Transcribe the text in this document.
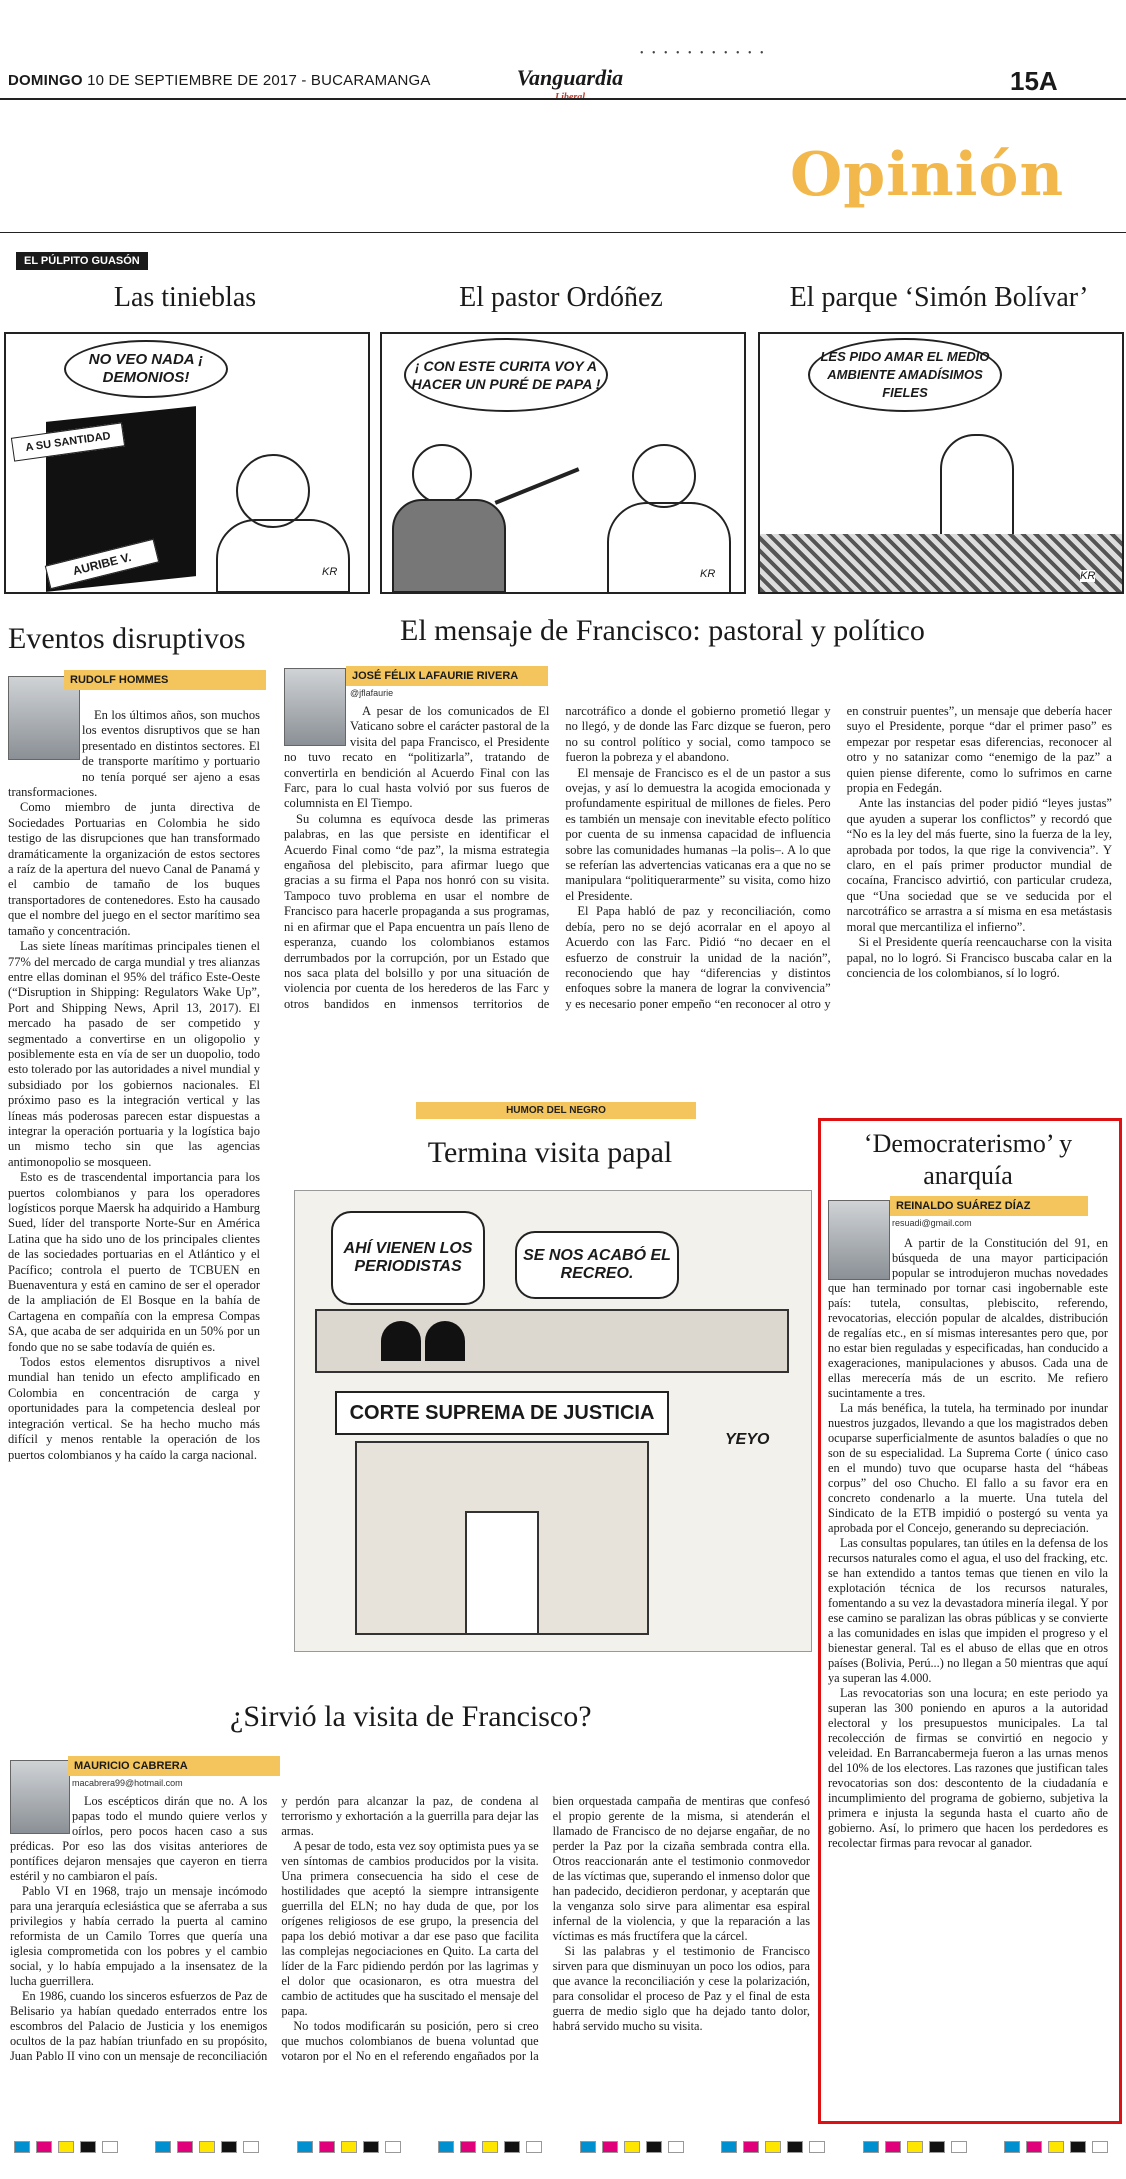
• • • • • • • • • • •
DOMINGO 10 DE SEPTIEMBRE DE 2017 - BUCARAMANGA	Vanguardia	15A
Opinión
EL PÚLPITO GUASÓN
Las tinieblas
NO VEO NADA ¡ DEMONIOS!
A SU SANTIDAD
AURIBE V.	KR
El pastor Ordóñez
¡ CON ESTE CURITA VOY A HACER UN PURÉ DE PAPA !
KR
El parque ‘Simón Bolívar’
LES PIDO AMAR EL MEDIO AMBIENTE AMADÍSIMOS FIELES
KR
Eventos disruptivos
RUDOLF HOMMES

En los últimos años, son muchos los eventos disruptivos que se han presentado en distintos sectores. El de transporte marítimo y portuario no tenía porqué ser ajeno a esas transformaciones.

Como miembro de junta directiva de Sociedades Portuarias en Colombia he sido testigo de las disrupciones que han transformado dramáticamente la organización de estos sectores a raíz de la apertura del nuevo Canal de Panamá y el cambio de tamaño de los buques transportadores de contenedores. Esto ha causado que el nombre del juego en el sector marítimo sea tamaño y concentración.

Las siete líneas marítimas principales tienen el 77% del mercado de carga mundial y tres alianzas entre ellas dominan el 95% del tráfico Este-Oeste (“Disruption in Shipping: Regulators Wake Up”, Port and Shipping News, April 13, 2017). El mercado ha pasado de ser competido y segmentado a convertirse en un oligopolio y posiblemente esta en vía de ser un duopolio, todo esto tolerado por las autoridades a nivel mundial y subsidiado por los gobiernos nacionales. El próximo paso es la integración vertical y las líneas más poderosas parecen estar dispuestas a integrar la operación portuaria y la logística bajo un mismo techo sin que las agencias antimonopolio se mosqueen.

Esto es de trascendental importancia para los puertos colombianos y para los operadores logísticos porque Maersk ha adquirido a Hamburg Sued, líder del transporte Norte-Sur en América Latina que ha sido uno de los principales clientes de las sociedades portuarias en el Atlántico y el Pacífico; controla el puerto de TCBUEN en Buenaventura y está en camino de ser el operador de la ampliación de El Bosque en la bahía de Cartagena en compañía con la empresa Compas SA, que acaba de ser adquirida en un 50% por un fondo que no se sabe todavía de quién es.

Todos estos elementos disruptivos a nivel mundial han tenido un efecto amplificado en Colombia en concentración de carga y oportunidades para la competencia desleal por integración vertical. Se ha hecho mucho más difícil y menos rentable la operación de los puertos colombianos y ha caído la carga nacional.

El mensaje de Francisco: pastoral y político
JOSÉ FÉLIX LAFAURIE RIVERA
@jflafaurie

A pesar de los comunicados de El Vaticano sobre el carácter pastoral de la visita del papa Francisco, el Presidente no tuvo recato en “politizarla”, tratando de convertirla en bendición al Acuerdo Final con las Farc, para lo cual hasta volvió por sus fueros de columnista en El Tiempo.

Su columna es equívoca desde las primeras palabras, en las que persiste en identificar el Acuerdo Final como “de paz”, la misma estrategia engañosa del plebiscito, para afirmar luego que gracias a su firma el Papa nos honró con su visita. Tampoco tuvo problema en usar el nombre de Francisco para hacerle propaganda a sus programas, ni en afirmar que el Papa encuentra un país lleno de esperanza, cuando los colombianos estamos derrumbados por la corrupción, por un Estado que nos saca plata del bolsillo y por una situación de violencia por cuenta de los herederos de las Farc y otros bandidos en inmensos territorios de narcotráfico a donde el gobierno prometió llegar y no llegó, y de donde las Farc dizque se fueron, pero no su control político y social, como tampoco se fueron la pobreza y el abandono.

El mensaje de Francisco es el de un pastor a sus ovejas, y así lo demuestra la acogida emocionada y profundamente espiritual de millones de fieles. Pero es también un mensaje con inevitable efecto político por cuenta de su inmensa capacidad de influencia sobre las comunidades humanas –la polis–. A lo que se referían las advertencias vaticanas era a que no se manipulara “politiquerarmente” su visita, como hizo el Presidente.

El Papa habló de paz y reconciliación, como debía, pero no se dejó acorralar en el apoyo al Acuerdo con las Farc. Pidió “no decaer en el esfuerzo de construir la unidad de la nación”, reconociendo que hay “diferencias y distintos enfoques sobre la manera de lograr la convivencia” y es necesario poner empeño “en reconocer al otro y en construir puentes”, un mensaje que debería hacer suyo el Presidente, porque “dar el primer paso” es empezar por respetar esas diferencias, reconocer al otro y no satanizar como “enemigo de la paz” a quien piense diferente, como lo sufrimos en carne propia en Fedegán.

Ante las instancias del poder pidió “leyes justas” que ayuden a superar los conflictos” y recordó que “No es la ley del más fuerte, sino la fuerza de la ley, aprobada por todos, la que rige la convivencia”. Y claro, en el país primer productor mundial de cocaína, Francisco advirtió, con particular crudeza, que “Una sociedad que se ve seducida por el narcotráfico se arrastra a sí misma en esa metástasis moral que mercantiliza el infierno”.

Si el Presidente quería reencaucharse con la visita papal, no lo logró. Si Francisco buscaba calar en la conciencia de los colombianos, sí lo logró.

HUMOR DEL NEGRO
Termina visita papal
AHÍ VIENEN LOS PERIODISTAS
SE NOS ACABÓ EL RECREO.
CORTE SUPREMA DE JUSTICIA
YEYO
‘Democraterismo’ y anarquía
REINALDO SUÁREZ DÍAZ
resuadi@gmail.com

A partir de la Constitución del 91, en búsqueda de una mayor participación popular se introdujeron muchas novedades que han terminado por tornar casi ingobernable este país: tutela, consultas, plebiscito, referendo, revocatorias, elección popular de alcaldes, distribución de regalías etc., en sí mismas interesantes pero que, por no estar bien reguladas y especificadas, han conducido a exageraciones, manipulaciones y abusos. Cada una de ellas merecería más de un escrito. Me refiero sucintamente a tres.

La más benéfica, la tutela, ha terminado por inundar nuestros juzgados, llevando a que los magistrados deben ocuparse superficialmente de asuntos baladíes o que no son de su especialidad. La Suprema Corte ( único caso en el mundo) tuvo que ocuparse hasta del “hábeas corpus” del oso Chucho. El fallo a su favor era en concreto condenarlo a la muerte. Una tutela del Sindicato de la ETB impidió o postergó su venta ya aprobada por el Concejo, generando su depreciación.

Las consultas populares, tan útiles en la defensa de los recursos naturales como el agua, el uso del fracking, etc. se han extendido a tantos temas que tienen en vilo la explotación técnica de los recursos naturales, fomentando a su vez la devastadora minería ilegal. Y por ese camino se paralizan las obras públicas y se convierte a las comunidades en islas que impiden el progreso y el bienestar general. Tal es el abuso de ellas que en otros países (Bolivia, Perú...) no llegan a 50 mientras que aquí ya superan las 4.000.

Las revocatorias son una locura; en este periodo ya superan las 300 poniendo en apuros a la autoridad electoral y los presupuestos municipales. La tal recolección de firmas se convirtió en negocio y veleidad. En Barrancabermeja fueron a las urnas menos del 10% de los electores. Las razones que justifican tales revocatorias son dos: descontento de la ciudadanía e incumplimiento del programa de gobierno, subjetiva la primera e injusta la segunda hasta el cuarto año de gobierno. Así, lo primero que hacen los perdedores es recolectar firmas para revocar al ganador.

¿Sirvió la visita de Francisco?
MAURICIO CABRERA
macabrera99@hotmail.com

Los escépticos dirán que no. A los papas todo el mundo quiere verlos y oírlos, pero pocos hacen caso a sus prédicas. Por eso las dos visitas anteriores de pontífices dejaron mensajes que cayeron en tierra estéril y no cambiaron el país.

Pablo VI en 1968, trajo un mensaje incómodo para una jerarquía eclesiástica que se aferraba a sus privilegios y había cerrado la puerta al camino reformista de un Camilo Torres que quería una iglesia comprometida con los pobres y el cambio social, y lo había empujado a la insensatez de la lucha guerrillera.

En 1986, cuando los sinceros esfuerzos de Paz de Belisario ya habían quedado enterrados entre los escombros del Palacio de Justicia y los enemigos ocultos de la paz habían triunfado en su propósito, Juan Pablo II vino con un mensaje de reconciliación y perdón para alcanzar la paz, de condena al terrorismo y exhortación a la guerrilla para dejar las armas.

A pesar de todo, esta vez soy optimista pues ya se ven síntomas de cambios producidos por la visita. Una primera consecuencia ha sido el cese de hostilidades que aceptó la siempre intransigente guerrilla del ELN; no hay duda de que, por los orígenes religiosos de ese grupo, la presencia del papa los debió motivar a dar ese paso que facilita las complejas negociaciones en Quito. La carta del líder de la Farc pidiendo perdón por las lagrimas y el dolor que ocasionaron, es otra muestra del cambio de actitudes que ha suscitado el mensaje del papa.

No todos modificarán su posición, pero si creo que muchos colombianos de buena voluntad que votaron por el No en el referendo engañados por la bien orquestada campaña de mentiras que confesó el propio gerente de la misma, si atenderán el llamado de Francisco de no dejarse engañar, de no perder la Paz por la cizaña sembrada contra ella. Otros reaccionarán ante el testimonio conmovedor de las víctimas que, superando el inmenso dolor que han padecido, decidieron perdonar, y aceptarán que la venganza solo sirve para alimentar esa espiral infernal de la violencia, y que la reparación a las víctimas es más fructífera que la cárcel.

Si las palabras y el testimonio de Francisco sirven para que disminuyan un poco los odios, para que avance la reconciliación y cese la polarización, para consolidar el proceso de Paz y el final de esta guerra de medio siglo que ha dejado tanto dolor, habrá servido mucho su visita.
